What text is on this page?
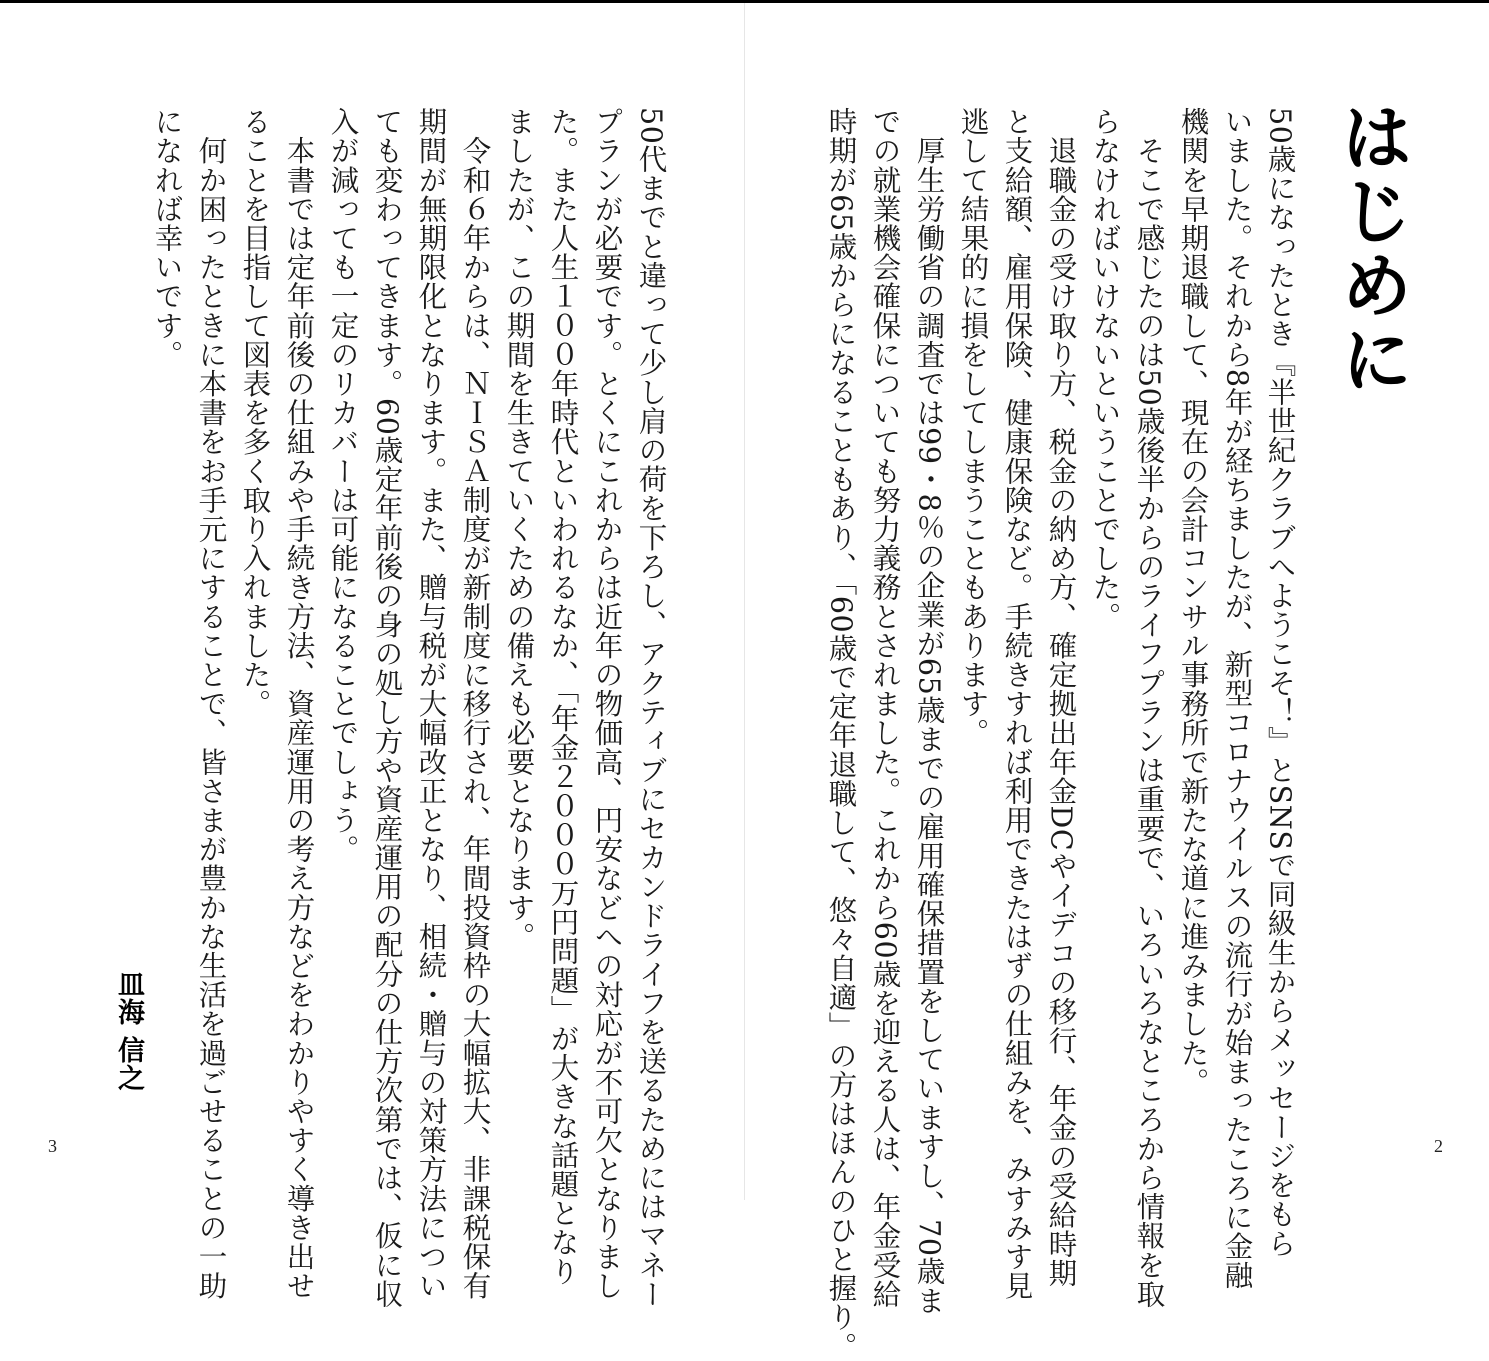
はじめに
50歳になったとき『半世紀クラブへようこそ！』とSNSで同級生からメッセージをもら
いました。それから8年が経ちましたが、新型コロナウイルスの流行が始まったころに金融
機関を早期退職して、現在の会計コンサル事務所で新たな道に進みました。
　そこで感じたのは50歳後半からのライフプランは重要で、いろいろなところから情報を取
らなければいけないということでした。
　退職金の受け取り方、税金の納め方、確定拠出年金DCやイデコの移行、年金の受給時期
と支給額、雇用保険、健康保険など。手続きすれば利用できたはずの仕組みを、みすみす見
逃して結果的に損をしてしまうこともあります。
　厚生労働省の調査では99・8％の企業が65歳までの雇用確保措置をしていますし、70歳ま
での就業機会確保についても努力義務とされました。これから60歳を迎える人は、年金受給
時期が65歳からになることもあり、「60歳で定年退職して、悠々自適」の方はほんのひと握り。	2
50代までと違って少し肩の荷を下ろし、アクティブにセカンドライフを送るためにはマネー
プランが必要です。とくにこれからは近年の物価高、円安などへの対応が不可欠となりまし
た。また人生１００年時代といわれるなか、「年金２０００万円問題」が大きな話題となり
ましたが、この期間を生きていくための備えも必要となります。
　令和６年からは、ＮＩＳＡ制度が新制度に移行され、年間投資枠の大幅拡大、非課税保有
期間が無期限化となります。また、贈与税が大幅改正となり、相続・贈与の対策方法につい
ても変わってきます。60歳定年前後の身の処し方や資産運用の配分の仕方次第では、仮に収
入が減っても一定のリカバーは可能になることでしょう。
　本書では定年前後の仕組みや手続き方法、資産運用の考え方などをわかりやすく導き出せ
ることを目指して図表を多く取り入れました。
　何か困ったときに本書をお手元にすることで、皆さまが豊かな生活を過ごせることの一助
になれば幸いです。
皿海 信之
3
